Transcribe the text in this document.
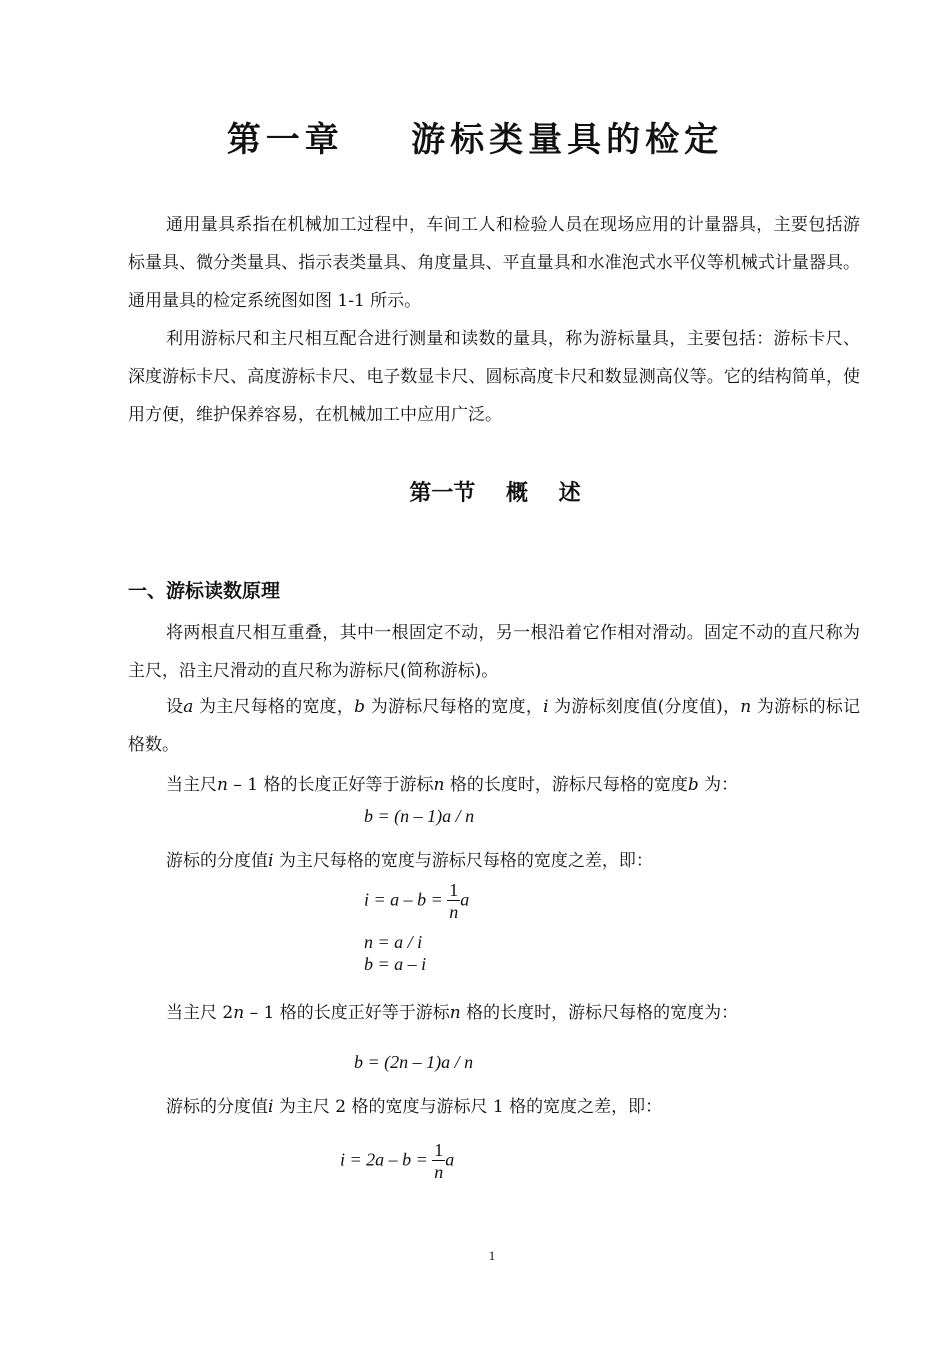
第一章    游标类量具的检定

通用量具系指在机械加工过程中，车间工人和检验人员在现场应用的计量器具，主要包括游标量具、微分类量具、指示表类量具、角度量具、平直量具和水准泡式水平仪等机械式计量器具。通用量具的检定系统图如图 1-1 所示。

利用游标尺和主尺相互配合进行测量和读数的量具，称为游标量具，主要包括：游标卡尺、深度游标卡尺、高度游标卡尺、电子数显卡尺、圆标高度卡尺和数显测高仪等。它的结构简单，使用方便，维护保养容易，在机械加工中应用广泛。

第一节    概    述
一、游标读数原理

将两根直尺相互重叠，其中一根固定不动，另一根沿着它作相对滑动。固定不动的直尺称为主尺，沿主尺滑动的直尺称为游标尺(简称游标)。

设a 为主尺每格的宽度，b 为游标尺每格的宽度，i 为游标刻度值(分度值)，n 为游标的标记格数。

当主尺n – 1 格的长度正好等于游标n 格的长度时，游标尺每格的宽度b 为：
b = (n – 1)a / n
游标的分度值i 为主尺每格的宽度与游标尺每格的宽度之差，即：
$i = a - b = \frac{1}{n}$ a
n = a / i
b = a – i
当主尺 2n – 1 格的长度正好等于游标n 格的长度时，游标尺每格的宽度为：
b = (2n – 1)a / n
游标的分度值i 为主尺 2 格的宽度与游标尺 1 格的宽度之差，即：
$i = 2a - b = \frac{1}{n}$ a
1
